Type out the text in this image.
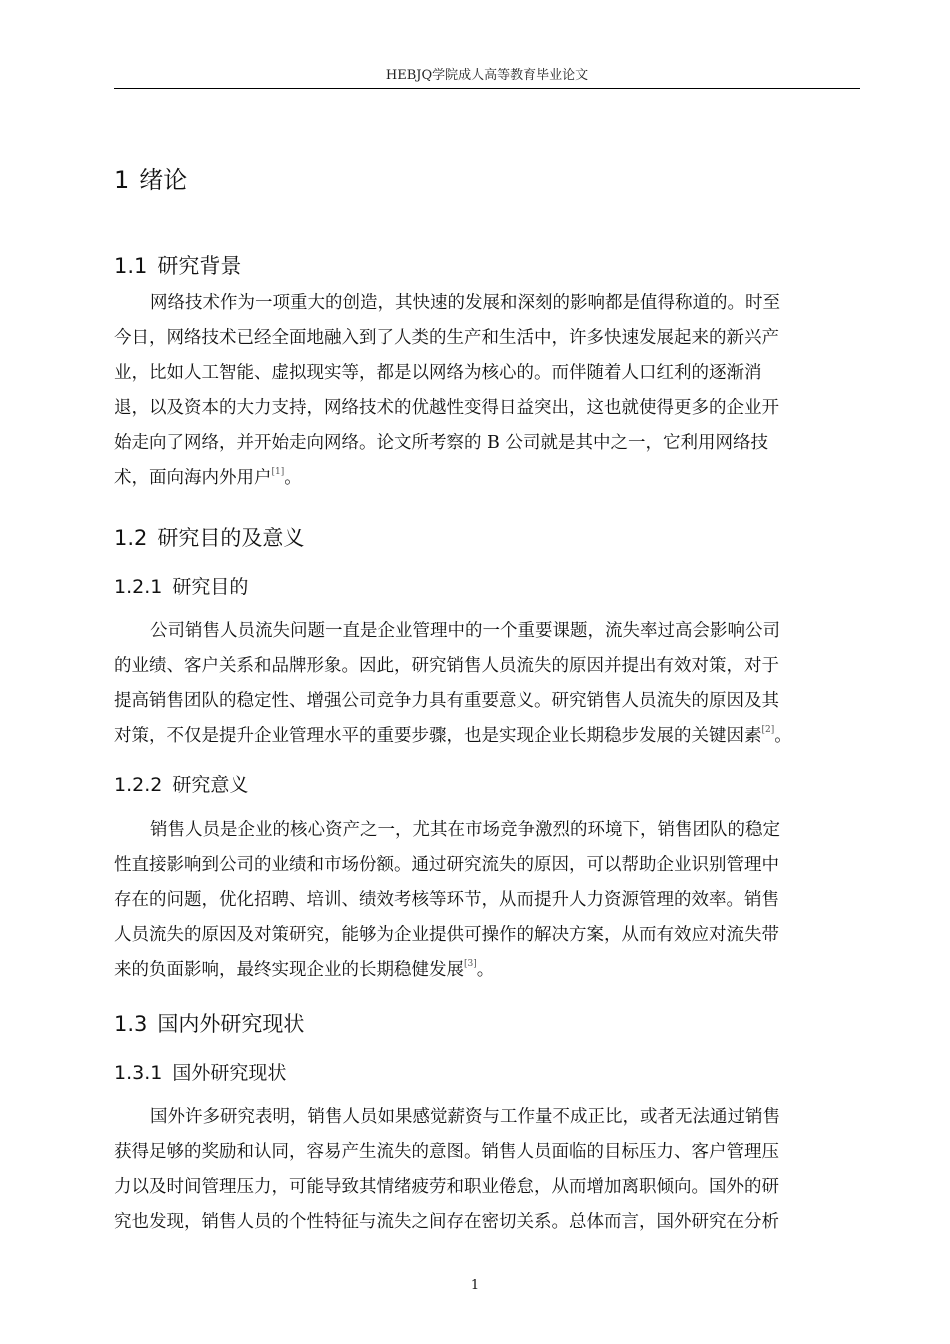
HEBJQ学院成人高等教育毕业论文
1 绪论
1.1 研究背景
网络技术作为一项重大的创造，其快速的发展和深刻的影响都是值得称道的。时至
今日，网络技术已经全面地融入到了人类的生产和生活中，许多快速发展起来的新兴产
业，比如人工智能、虚拟现实等，都是以网络为核心的。而伴随着人口红利的逐渐消
退，以及资本的大力支持，网络技术的优越性变得日益突出，这也就使得更多的企业开
始走向了网络，并开始走向网络。论文所考察的 B 公司就是其中之一，它利用网络技
术，面向海内外用户[1]。
1.2 研究目的及意义
1.2.1 研究目的
公司销售人员流失问题一直是企业管理中的一个重要课题，流失率过高会影响公司
的业绩、客户关系和品牌形象。因此，研究销售人员流失的原因并提出有效对策，对于
提高销售团队的稳定性、增强公司竞争力具有重要意义。研究销售人员流失的原因及其
对策，不仅是提升企业管理水平的重要步骤，也是实现企业长期稳步发展的关键因素[2]。
1.2.2 研究意义
销售人员是企业的核心资产之一，尤其在市场竞争激烈的环境下，销售团队的稳定
性直接影响到公司的业绩和市场份额。通过研究流失的原因，可以帮助企业识别管理中
存在的问题，优化招聘、培训、绩效考核等环节，从而提升人力资源管理的效率。销售
人员流失的原因及对策研究，能够为企业提供可操作的解决方案，从而有效应对流失带
来的负面影响，最终实现企业的长期稳健发展[3]。
1.3 国内外研究现状
1.3.1 国外研究现状
国外许多研究表明，销售人员如果感觉薪资与工作量不成正比，或者无法通过销售
获得足够的奖励和认同，容易产生流失的意图。销售人员面临的目标压力、客户管理压
力以及时间管理压力，可能导致其情绪疲劳和职业倦怠，从而增加离职倾向。国外的研
究也发现，销售人员的个性特征与流失之间存在密切关系。总体而言，国外研究在分析
1
